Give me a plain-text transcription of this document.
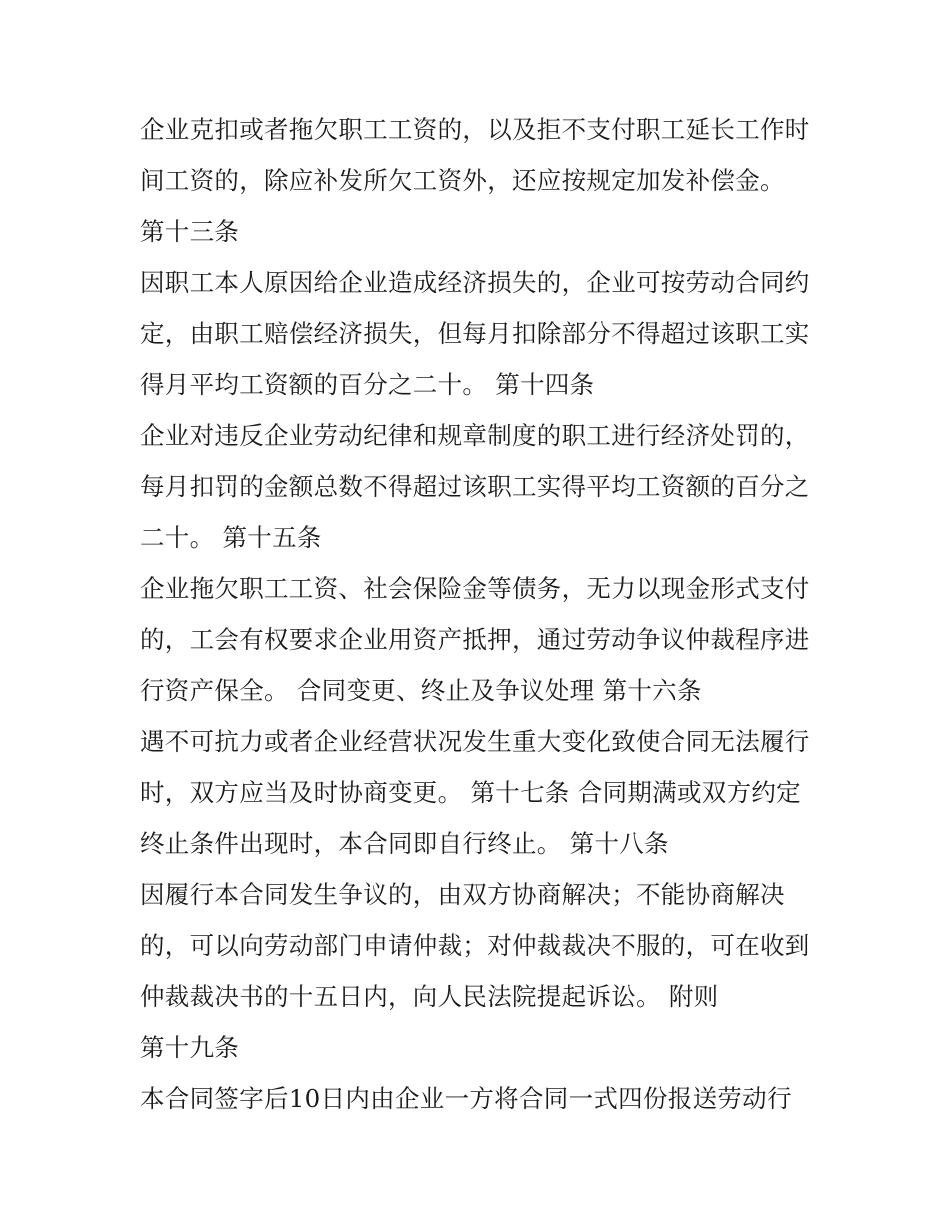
企业克扣或者拖欠职工工资的，以及拒不支付职工延长工作时
间工资的，除应补发所欠工资外，还应按规定加发补偿金。
第十三条
因职工本人原因给企业造成经济损失的，企业可按劳动合同约
定，由职工赔偿经济损失，但每月扣除部分不得超过该职工实
得月平均工资额的百分之二十。 第十四条
企业对违反企业劳动纪律和规章制度的职工进行经济处罚的，
每月扣罚的金额总数不得超过该职工实得平均工资额的百分之
二十。 第十五条
企业拖欠职工工资、社会保险金等债务，无力以现金形式支付
的，工会有权要求企业用资产抵押，通过劳动争议仲裁程序进
行资产保全。 合同变更、终止及争议处理 第十六条
遇不可抗力或者企业经营状况发生重大变化致使合同无法履行
时，双方应当及时协商变更。 第十七条 合同期满或双方约定
终止条件出现时，本合同即自行终止。 第十八条
因履行本合同发生争议的，由双方协商解决；不能协商解决
的，可以向劳动部门申请仲裁；对仲裁裁决不服的，可在收到
仲裁裁决书的十五日内，向人民法院提起诉讼。 附则
第十九条
本合同签字后10日内由企业一方将合同一式四份报送劳动行
